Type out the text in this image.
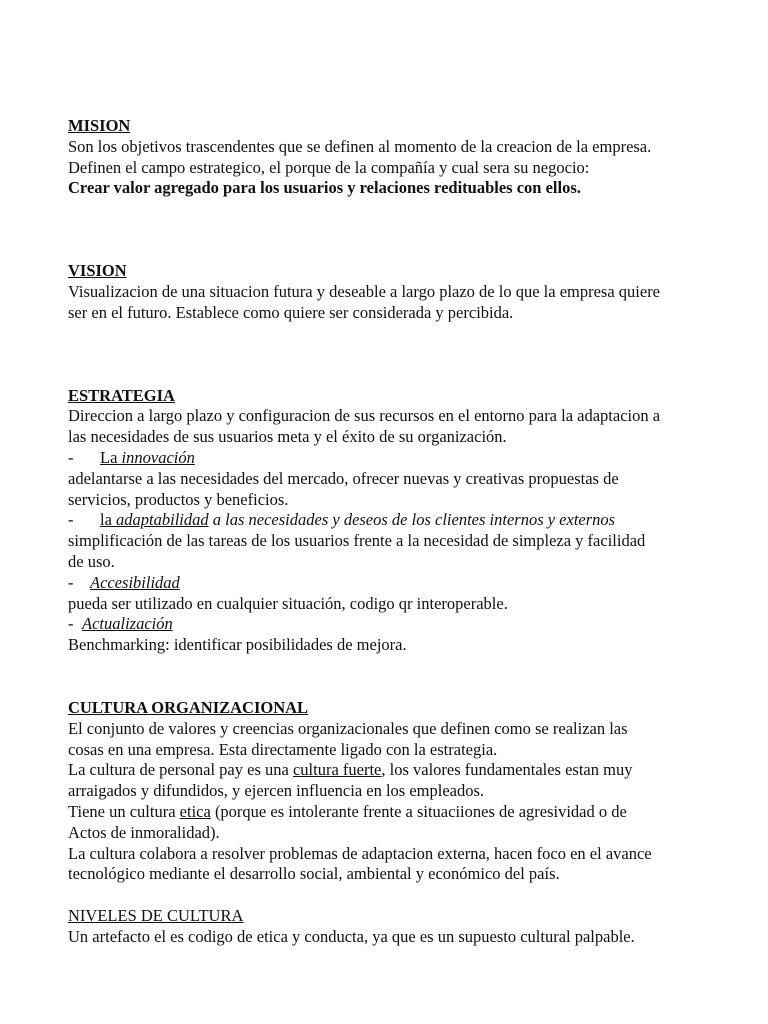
MISION
Son los objetivos trascendentes que se definen al momento de la creacion de la empresa.
Definen el campo estrategico, el porque de la compañía y cual sera su negocio:
Crear valor agregado para los usuarios y relaciones redituables con ellos.
VISION
Visualizacion de una situacion futura y deseable a largo plazo de lo que la empresa quiere
ser en el futuro. Establece como quiere ser considerada y percibida.
ESTRATEGIA
Direccion a largo plazo y configuracion de sus recursos en el entorno para la adaptacion a
las necesidades de sus usuarios meta y el éxito de su organización.
- La innovación
adelantarse a las necesidades del mercado, ofrecer nuevas y creativas propuestas de
servicios, productos y beneficios.
- la adaptabilidad a las necesidades y deseos de los clientes internos y externos
simplificación de las tareas de los usuarios frente a la necesidad de simpleza y facilidad
de uso.
- Accesibilidad
pueda ser utilizado en cualquier situación, codigo qr interoperable.
- Actualización
Benchmarking: identificar posibilidades de mejora.
CULTURA ORGANIZACIONAL
El conjunto de valores y creencias organizacionales que definen como se realizan las
cosas en una empresa. Esta directamente ligado con la estrategia.
La cultura de personal pay es una cultura fuerte, los valores fundamentales estan muy
arraigados y difundidos, y ejercen influencia en los empleados.
Tiene un cultura etica (porque es intolerante frente a situaciiones de agresividad o de
Actos de inmoralidad).
La cultura colabora a resolver problemas de adaptacion externa, hacen foco en el avance
tecnológico mediante el desarrollo social, ambiental y económico del país.
NIVELES DE CULTURA
Un artefacto el es codigo de etica y conducta, ya que es un supuesto cultural palpable.
